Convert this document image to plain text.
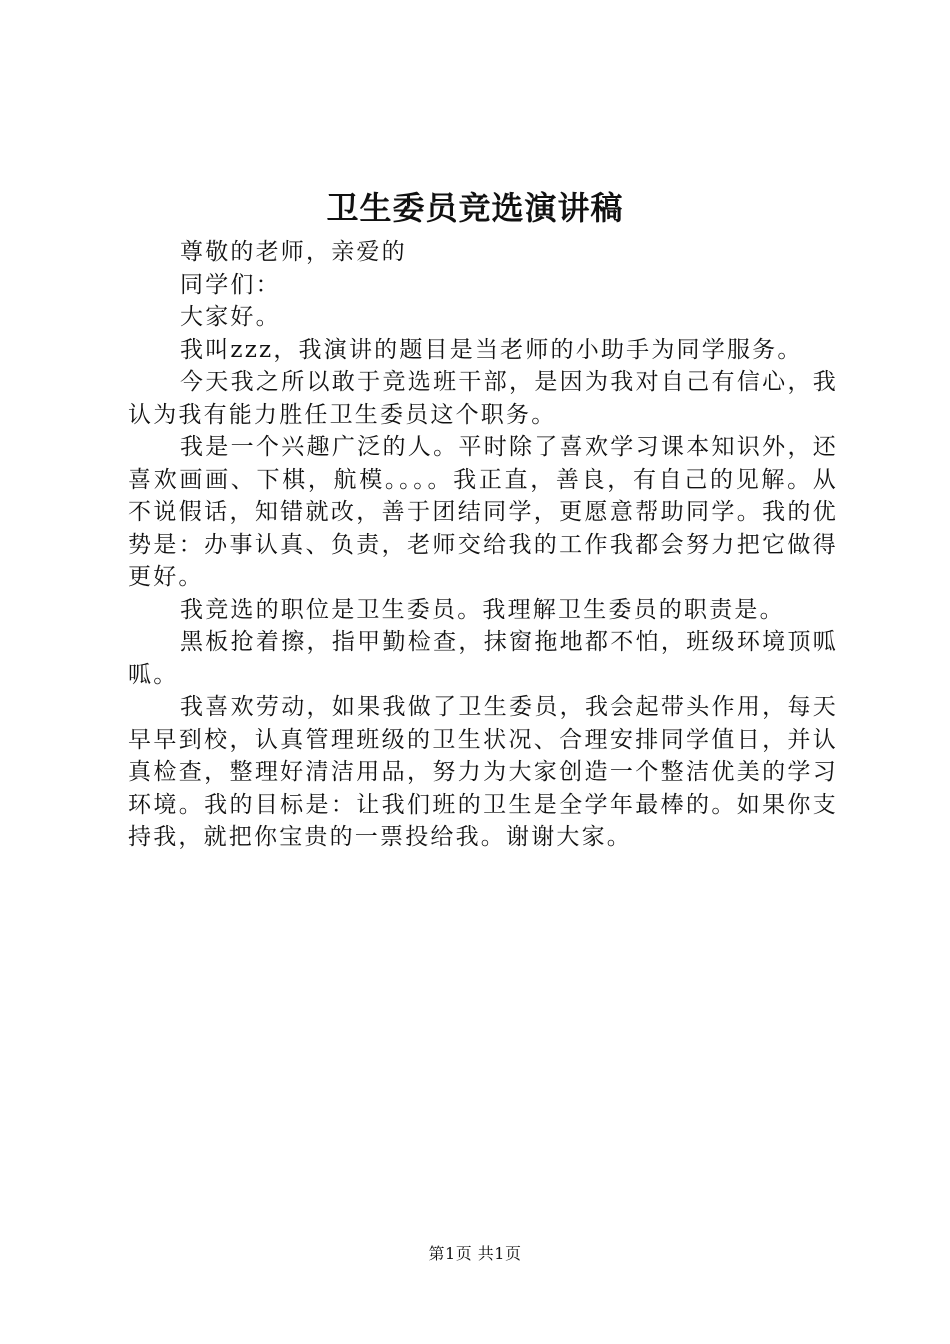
卫生委员竞选演讲稿

尊敬的老师，亲爱的

同学们：

大家好。

我叫zzz，我演讲的题目是当老师的小助手为同学服务。

今天我之所以敢于竞选班干部，是因为我对自己有信心，我认为我有能力胜任卫生委员这个职务。

我是一个兴趣广泛的人。平时除了喜欢学习课本知识外，还喜欢画画、下棋，航模。。。。我正直，善良，有自己的见解。从不说假话，知错就改，善于团结同学，更愿意帮助同学。我的优势是：办事认真、负责，老师交给我的工作我都会努力把它做得更好。

我竞选的职位是卫生委员。我理解卫生委员的职责是。

黑板抢着擦，指甲勤检查，抹窗拖地都不怕，班级环境顶呱呱。

我喜欢劳动，如果我做了卫生委员，我会起带头作用，每天早早到校，认真管理班级的卫生状况、合理安排同学值日，并认真检查，整理好清洁用品，努力为大家创造一个整洁优美的学习环境。我的目标是：让我们班的卫生是全学年最棒的。如果你支持我，就把你宝贵的一票投给我。谢谢大家。

第1页 共1页
